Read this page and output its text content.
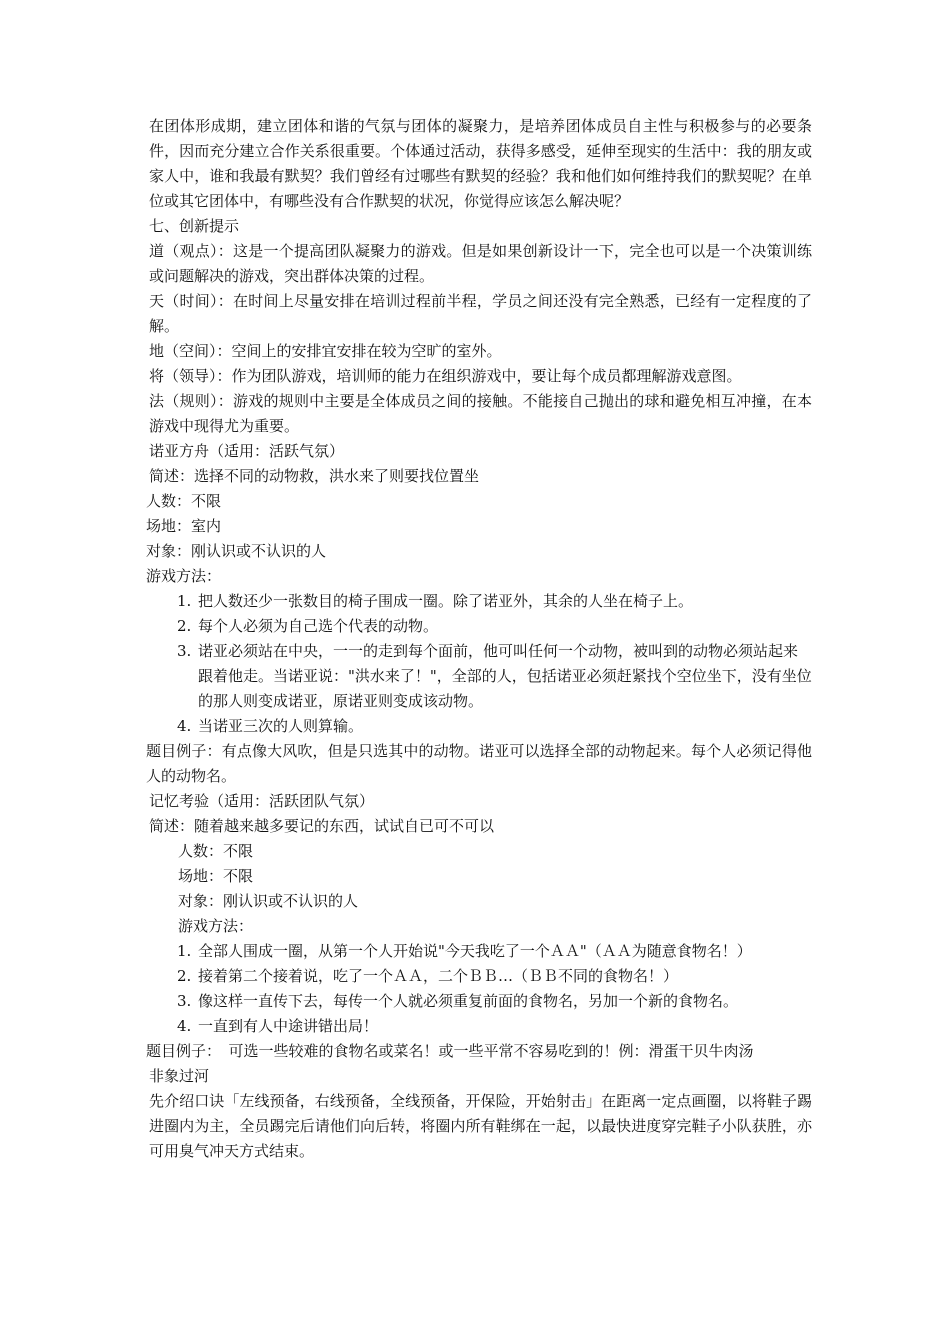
在团体形成期，建立团体和谐的气氛与团体的凝聚力，是培养团体成员自主性与积极参与的必要条件，因而充分建立合作关系很重要。个体通过活动，获得多感受，延伸至现实的生活中：我的朋友或家人中，谁和我最有默契？我们曾经有过哪些有默契的经验？我和他们如何维持我们的默契呢？在单位或其它团体中，有哪些没有合作默契的状况，你觉得应该怎么解决呢？

七、创新提示

道（观点）：这是一个提高团队凝聚力的游戏。但是如果创新设计一下，完全也可以是一个决策训练或问题解决的游戏，突出群体决策的过程。

天（时间）：在时间上尽量安排在培训过程前半程，学员之间还没有完全熟悉，已经有一定程度的了解。

地（空间）：空间上的安排宜安排在较为空旷的室外。

将（领导）：作为团队游戏，培训师的能力在组织游戏中，要让每个成员都理解游戏意图。

法（规则）：游戏的规则中主要是全体成员之间的接触。不能接自己抛出的球和避免相互冲撞，在本游戏中现得尤为重要。

诺亚方舟（适用：活跃气氛）

简述：选择不同的动物救，洪水来了则要找位置坐

人数：不限

场地：室内

对象：刚认识或不认识的人

游戏方法：

1. 把人数还少一张数目的椅子围成一圈。除了诺亚外，其余的人坐在椅子上。
2. 每个人必须为自己选个代表的动物。
3. 诺亚必须站在中央，一一的走到每个面前，他可叫任何一个动物，被叫到的动物必须站起来跟着他走。当诺亚说："洪水来了！"，全部的人，包括诺亚必须赶紧找个空位坐下，没有坐位的那人则变成诺亚，原诺亚则变成该动物。
4. 当诺亚三次的人则算输。

题目例子：有点像大风吹，但是只选其中的动物。诺亚可以选择全部的动物起来。每个人必须记得他人的动物名。

记忆考验（适用：活跃团队气氛）

简述：随着越来越多要记的东西，试试自已可不可以

人数：不限

场地：不限

对象：刚认识或不认识的人

游戏方法：

1. 全部人围成一圈，从第一个人开始说"今天我吃了一个ＡＡ"（ＡＡ为随意食物名！）
2. 接着第二个接着说，吃了一个ＡＡ，二个ＢＢ…（ＢＢ不同的食物名！）
3. 像这样一直传下去，每传一个人就必须重复前面的食物名，另加一个新的食物名。
4. 一直到有人中途讲错出局！

题目例子：　可选一些较难的食物名或菜名！或一些平常不容易吃到的！例：滑蛋干贝牛肉汤

非象过河

先介绍口诀「左线预备，右线预备，全线预备，开保险，开始射击」在距离一定点画圈，以将鞋子踢进圈内为主，全员踢完后请他们向后转，将圈内所有鞋绑在一起，以最快进度穿完鞋子小队获胜，亦可用臭气冲天方式结束。
